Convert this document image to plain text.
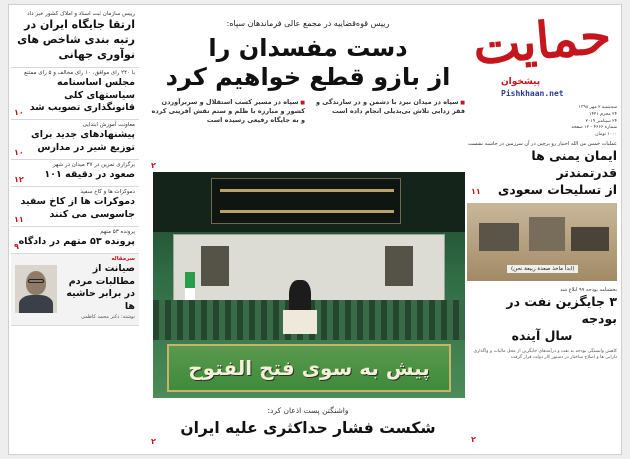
رییس سازمان ثبت اسناد و املاک کشور خبر داد
ارتقا جایگاه ایران در رتبه بندی شاخص های نوآوری جهانی
با ۲۴۰ رای موافق، ۱۰ رای مخالف و ۵ رای ممتنع
مجلس اساسنامه سیاستهای کلی قانونگذاری تصویب شد
۱۰
معاونت آموزش ابتدایی
پیشنهادهای جدید برای توزیع شیر در مدارس
۱۰
برگزاری تمرین در ۳۷ میدان در شهر
صعود در دقیقه ۱۰۱
۱۲
دموکرات ها و کاخ سفید
دموکرات ها از کاخ سفید جاسوسی می کنند
۱۱
پرونده ۵۳ متهم
پرونده ۵۳ متهم در دادگاه
۹
سرمقاله
صیانت از مطالبات مردم در برابر حاشیه ها
نوشته: دکتر محمد کاظمی
رییس قوه‌قضاییه در مجمع عالی فرماندهان سپاه:
دست مفسدان را
از بازو قطع خواهیم کرد
■ سپاه در میدان نبرد با دشمن و در سازندگی و فقر زدایی تلاش بی‌بدیلی انجام داده است
■ سپاه در مسیر کسب استقلال و سربرآوردن کشور و مبارزه با ظلم و ستم نقش آفرینی کرده و به جایگاه رفیعی رسیده است
۲
پیش به سوی فتح الفتوح
واشنگتن پست اذعان کرد:
شکست فشار حداکثری علیه ایران
۲
حمایت
پیشخوان
Pishkhaan.net
سه‌شنبه ۲ مهر ۱۳۹۸
۲۴ محرم ۱۴۴۱
۲۴ سپتامبر ۲۰۱۹
شماره ۴۶۶۶ - ۱۲ صفحه
۱۰۰۰ تومان
عملیات خمس من الله اختیار رو پرچین در آن سرزمین در حاشیه نشست
ایمان یمنی ها قدرتمندتر
از تسلیحات سعودی
۱۱
(ابدأ ماخذ صعدة ربیعة نحن)
بخشنامه بودجه ۹۹ ابلاغ شد
۳ جایگزین نفت در بودجه
سال آینده
کاهش وابستگی بودجه به نفت و درآمدهای جایگزین از محل مالیات و واگذاری دارایی ها و اصلاح ساختار در دستور کار دولت قرار گرفت
۲
